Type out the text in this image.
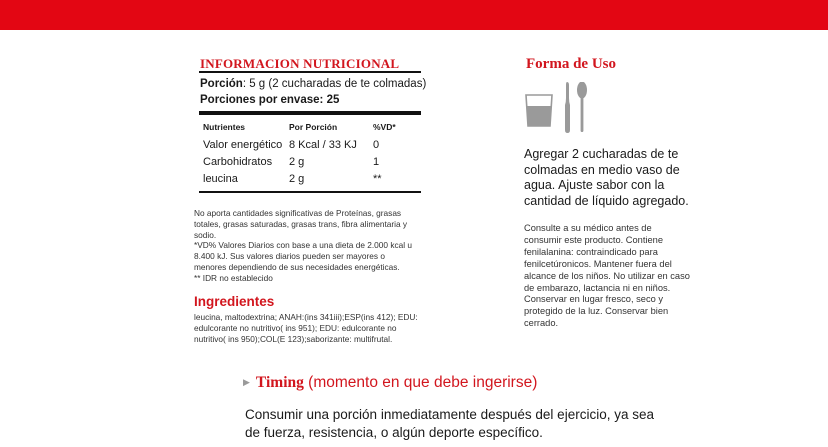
INFORMACION NUTRICIONAL
Porción: 5 g (2 cucharadas de te colmadas)
Porciones por envase: 25
Nutrientes	Por Porción	%VD*
Valor energético	8 Kcal / 33 KJ	0
Carbohidratos	2 g	1
leucina	2 g	**
No aporta cantidades significativas de Proteínas, grasas totales, grasas saturadas, grasas trans, fibra alimentaria y sodio.
*VD% Valores Diarios con base a una dieta de 2.000 kcal u 8.400 kJ. Sus valores diarios pueden ser mayores o menores dependiendo de sus necesidades energéticas.
** IDR no establecido
Ingredientes
leucina, maltodextrina; ANAH:(ins 341iii);ESP(ins 412); EDU: edulcorante no nutritivo( ins 951); EDU: edulcorante no nutritivo( ins 950);COL(E 123);saborizante: multifrutal.
Forma de Uso
Agregar 2 cucharadas de te colmadas en medio vaso de agua. Ajuste sabor con la cantidad de líquido agregado.
Consulte a su médico antes de consumir este producto. Contiene fenilalanina: contraindicado para fenilcetúronicos. Mantener fuera del alcance de los niños. No utilizar en caso de embarazo, lactancia ni en niños. Conservar en lugar fresco, seco y protegido de la luz. Conservar bien cerrado.
▶ Timing (momento en que debe ingerirse)
Consumir una porción inmediatamente después del ejercicio, ya sea de fuerza, resistencia, o algún deporte específico.
